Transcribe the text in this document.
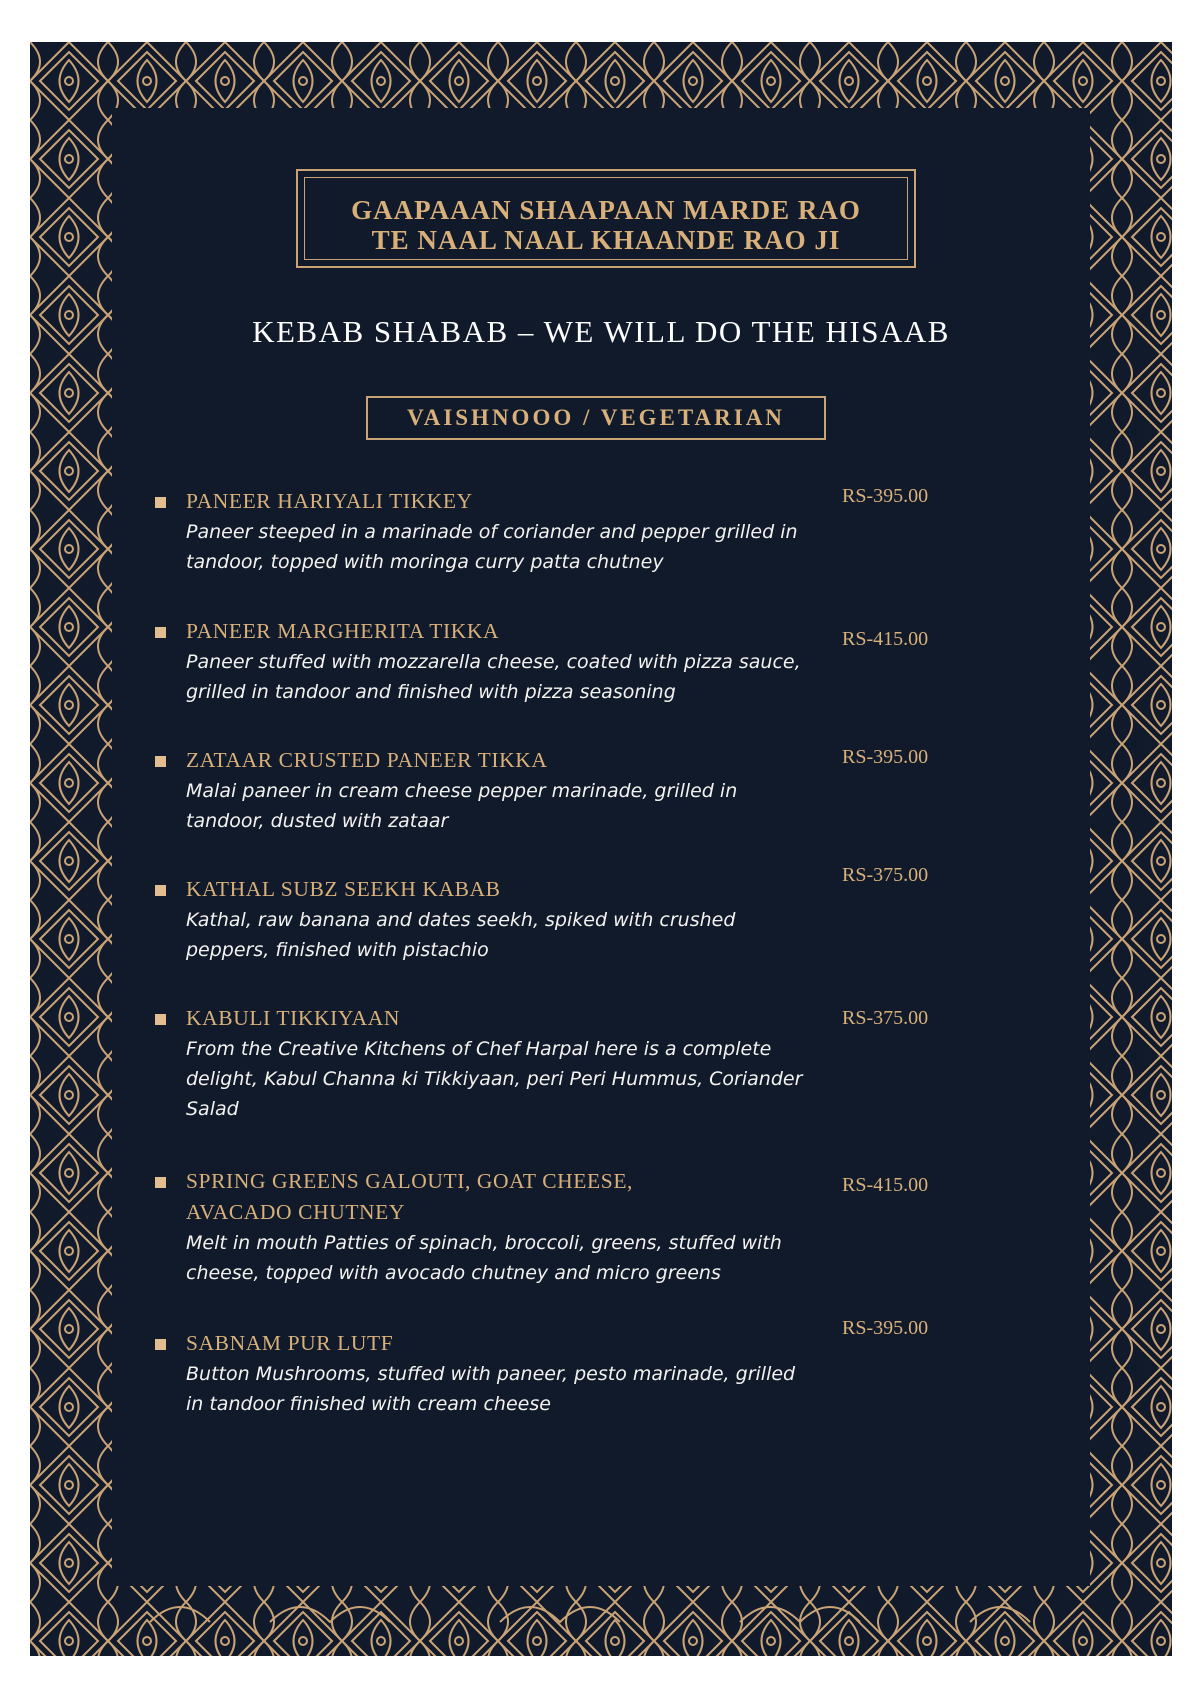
GAAPAAAN SHAAPAAN MARDE RAO
TE NAAL NAAL KHAANDE RAO JI
KEBAB SHABAB – WE WILL DO THE HISAAB
VAISHNOOO / VEGETARIAN
PANEER HARIYALI TIKKEY
Paneer steeped in a marinade of coriander and pepper grilled in tandoor, topped with moringa curry patta chutney
RS-395.00
PANEER MARGHERITA TIKKA
Paneer stuffed with mozzarella cheese, coated with pizza sauce, grilled in tandoor and finished with pizza seasoning
RS-415.00
ZATAAR CRUSTED PANEER TIKKA
Malai paneer in cream cheese pepper marinade, grilled in tandoor, dusted with zataar
RS-395.00
KATHAL SUBZ SEEKH KABAB
Kathal, raw banana and dates seekh, spiked with crushed peppers, finished with pistachio
RS-375.00
KABULI TIKKIYAAN
From the Creative Kitchens of Chef Harpal here is a complete delight, Kabul Channa ki Tikkiyaan, peri Peri Hummus, Coriander Salad
RS-375.00
SPRING GREENS GALOUTI, GOAT CHEESE, AVACADO CHUTNEY
Melt in mouth Patties of spinach, broccoli, greens, stuffed with cheese, topped with avocado chutney and micro greens
RS-415.00
SABNAM PUR LUTF
Button Mushrooms, stuffed with paneer, pesto marinade, grilled in tandoor finished with cream cheese
RS-395.00
